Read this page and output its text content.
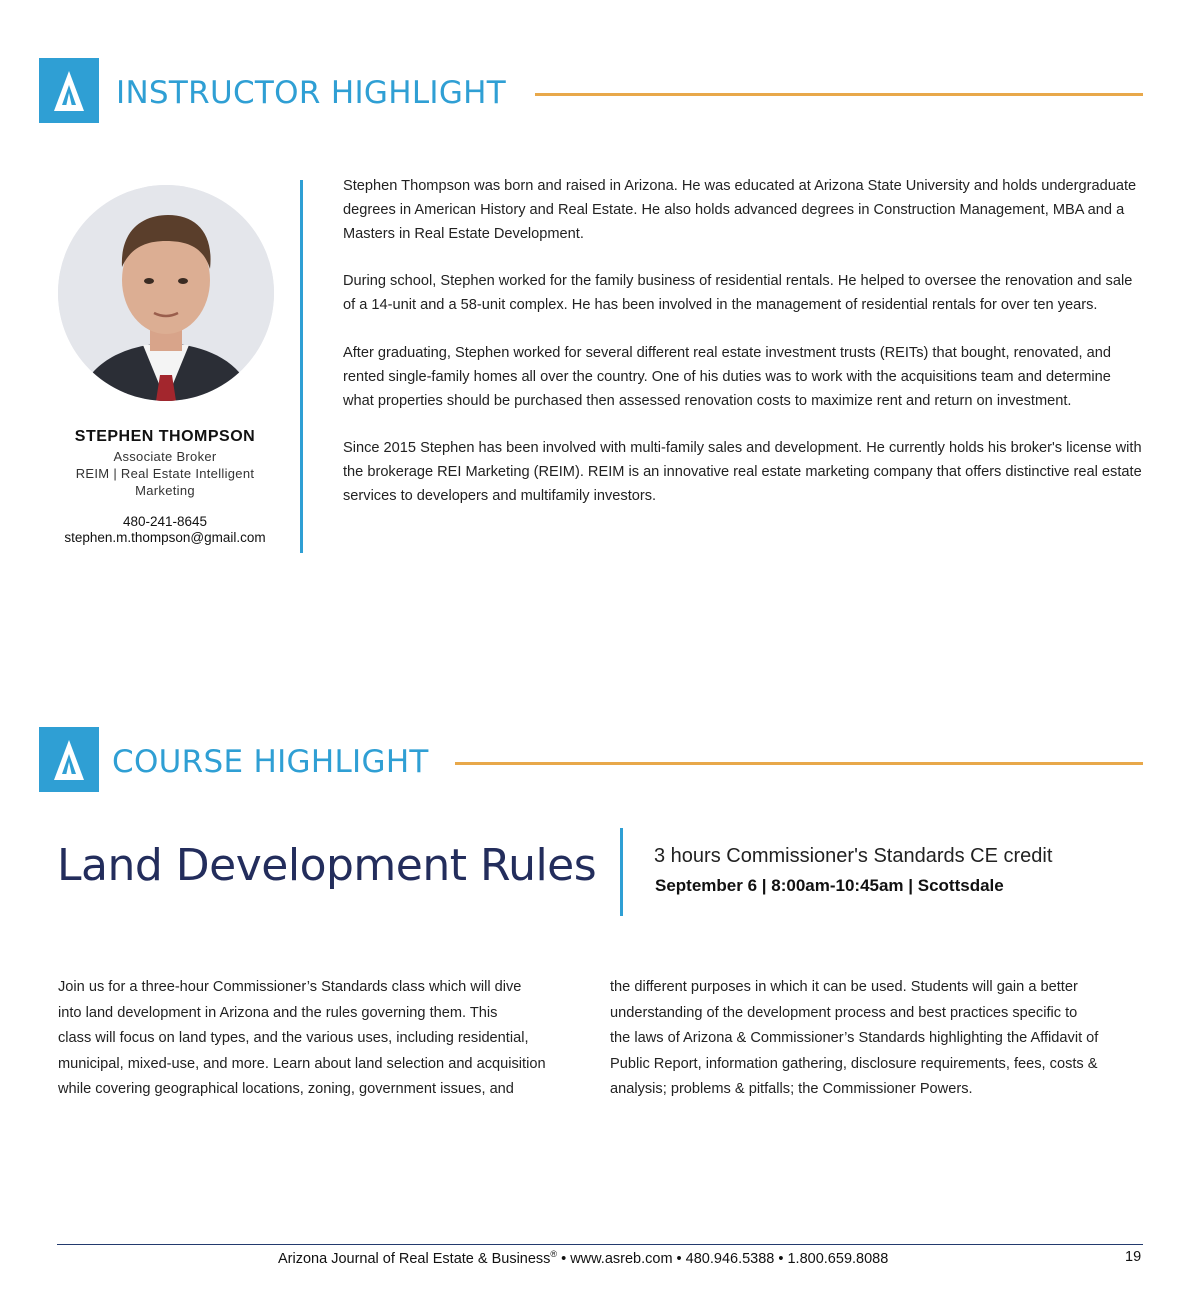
INSTRUCTOR HIGHLIGHT
STEPHEN THOMPSON
Associate Broker
REIM | Real Estate Intelligent
Marketing
480-241-8645
stephen.m.thompson@gmail.com

Stephen Thompson was born and raised in Arizona. He was educated at Arizona State University and holds undergraduate degrees in American History and Real Estate. He also holds advanced degrees in Construction Management, MBA and a Masters in Real Estate Development.

During school, Stephen worked for the family business of residential rentals. He helped to oversee the renovation and sale of a 14-unit and a 58-unit complex. He has been involved in the management of residential rentals for over ten years.

After graduating, Stephen worked for several different real estate investment trusts (REITs) that bought, renovated, and rented single-family homes all over the country. One of his duties was to work with the acquisitions team and determine what properties should be purchased then assessed renovation costs to maximize rent and return on investment.

Since 2015 Stephen has been involved with multi-family sales and development. He currently holds his broker's license with the brokerage REI Marketing (REIM). REIM is an innovative real estate marketing company that offers distinctive real estate services to developers and multifamily investors.

COURSE HIGHLIGHT
Land Development Rules	3 hours Commissioner's Standards CE credit
September 6 | 8:00am-10:45am | Scottsdale
Join us for a three-hour Commissioner’s Standards class which will dive
into land development in Arizona and the rules governing them. This
class will focus on land types, and the various uses, including residential,
municipal, mixed-use, and more. Learn about land selection and acquisition
while covering geographical locations, zoning, government issues, and
the different purposes in which it can be used. Students will gain a better
understanding of the development process and best practices specific to
the laws of Arizona & Commissioner’s Standards highlighting the Affidavit of
Public Report, information gathering, disclosure requirements, fees, costs &
analysis; problems & pitfalls; the Commissioner Powers.
Arizona Journal of Real Estate & Business® • www.asreb.com • 480.946.5388 • 1.800.659.8088	19
